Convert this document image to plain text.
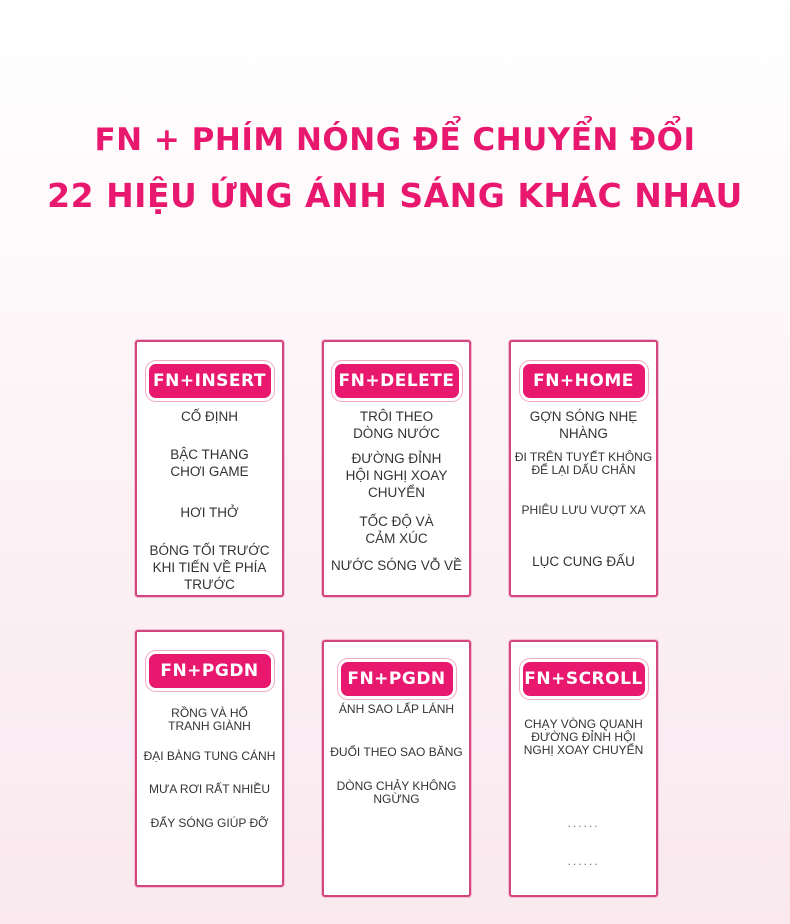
FN + PHÍM NÓNG ĐỂ CHUYỂN ĐỔI
22 HIỆU ỨNG ÁNH SÁNG KHÁC NHAU
FN+INSERT

CỐ ĐỊNH

BẬC THANG CHƠI GAME

HƠI THỞ

BÓNG TỐI TRƯỚC KHI TIẾN VỀ PHÍA TRƯỚC

FN+DELETE

TRÔI THEO DÒNG NƯỚC

ĐƯỜNG ĐỈNH HỘI NGHỊ XOAY CHUYỂN

TỐC ĐỘ VÀ CẢM XÚC

NƯỚC SÓNG VỖ VỀ

FN+HOME

GỢN SÓNG NHẸ NHÀNG

ĐI TRÊN TUYẾT KHÔNG ĐỂ LẠI DẤU CHÂN

PHIÊU LƯU VƯỢT XA

LỤC CUNG ĐẤU

FN+PGDN

RỒNG VÀ HỔ TRANH GIÀNH

ĐẠI BÀNG TUNG CÁNH

MƯA RƠI RẤT NHIỀU

ĐẨY SÓNG GIÚP ĐỠ

FN+PGDN

ÁNH SAO LẤP LÁNH

ĐUỔI THEO SAO BĂNG

DÒNG CHẢY KHÔNG NGỪNG

FN+SCROLL

CHẠY VÒNG QUANH ĐƯỜNG ĐỈNH HỘI NGHỊ XOAY CHUYỂN

......
......
